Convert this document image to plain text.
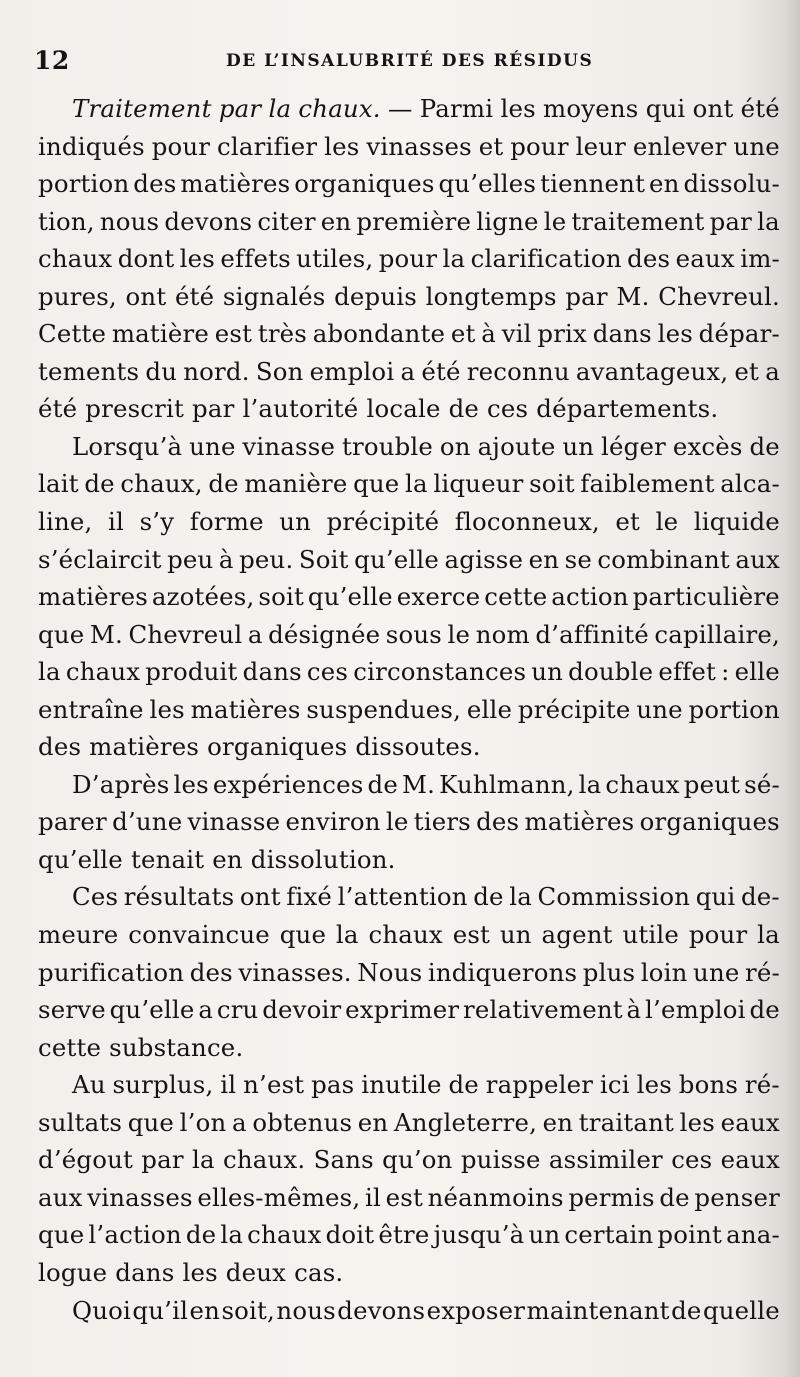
12	DE L’INSALUBRITÉ DES RÉSIDUS
Traitement par la chaux. — Parmi les moyens qui ont été
indiqués pour clarifier les vinasses et pour leur enlever une
portion des matières organiques qu’elles tiennent en dissolu-
tion, nous devons citer en première ligne le traitement par la
chaux dont les effets utiles, pour la clarification des eaux im-
pures, ont été signalés depuis longtemps par M. Chevreul.
Cette matière est très abondante et à vil prix dans les dépar-
tements du nord. Son emploi a été reconnu avantageux, et a
été prescrit par l’autorité locale de ces départements.
Lorsqu’à une vinasse trouble on ajoute un léger excès de
lait de chaux, de manière que la liqueur soit faiblement alca-
line, il s’y forme un précipité floconneux, et le liquide
s’éclaircit peu à peu. Soit qu’elle agisse en se combinant aux
matières azotées, soit qu’elle exerce cette action particulière
que M. Chevreul a désignée sous le nom d’affinité capillaire,
la chaux produit dans ces circonstances un double effet : elle
entraîne les matières suspendues, elle précipite une portion
des matières organiques dissoutes.
D’après les expériences de M. Kuhlmann, la chaux peut sé-
parer d’une vinasse environ le tiers des matières organiques
qu’elle tenait en dissolution.
Ces résultats ont fixé l’attention de la Commission qui de-
meure convaincue que la chaux est un agent utile pour la
purification des vinasses. Nous indiquerons plus loin une ré-
serve qu’elle a cru devoir exprimer relativement à l’emploi de
cette substance.
Au surplus, il n’est pas inutile de rappeler ici les bons ré-
sultats que l’on a obtenus en Angleterre, en traitant les eaux
d’égout par la chaux. Sans qu’on puisse assimiler ces eaux
aux vinasses elles-mêmes, il est néanmoins permis de penser
que l’action de la chaux doit être jusqu’à un certain point ana-
logue dans les deux cas.
Quoi qu’il en soit, nous devons exposer maintenant de quelle
